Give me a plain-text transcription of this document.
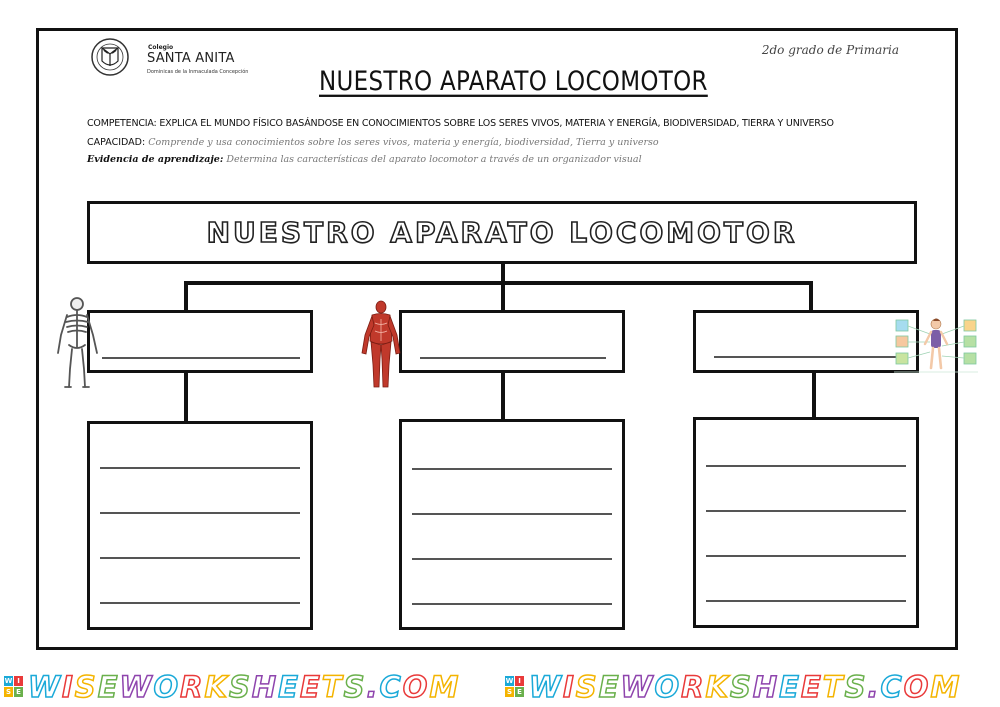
Colegio
SANTA ANITA
Dominicas de la Inmaculada Concepción
2do grado de Primaria
NUESTRO APARATO LOCOMOTOR
COMPETENCIA: EXPLICA EL MUNDO FÍSICO BASÁNDOSE EN CONOCIMIENTOS SOBRE LOS SERES VIVOS, MATERIA Y ENERGÍA, BIODIVERSIDAD, TIERRA Y UNIVERSO
CAPACIDAD: Comprende y usa conocimientos sobre los seres vivos, materia y energía, biodiversidad, Tierra y universo
Evidencia de aprendizaje: Determina las características del aparato locomotor a través de un organizador visual
NUESTRO APARATO LOCOMOTOR
W I
S E WISEWORKSHEETS.COM	W I
S E WISEWORKSHEETS.COM
